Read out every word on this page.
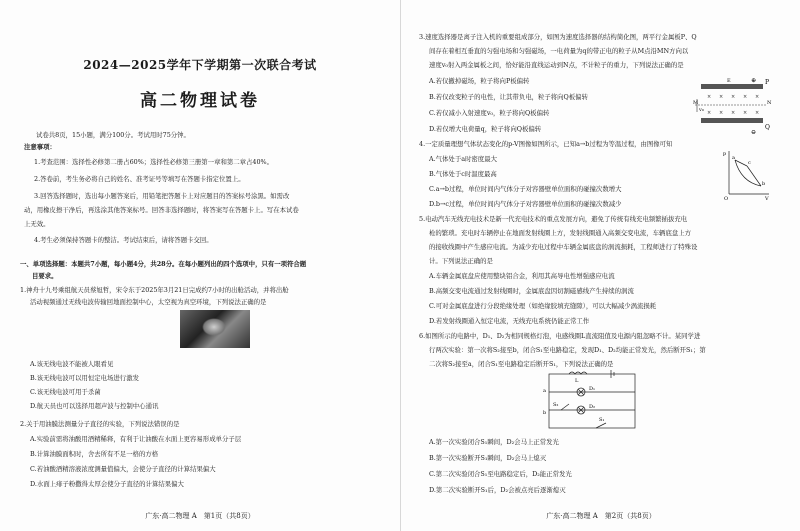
2024—2025学年下学期第一次联合考试
高二物理试卷
试卷共8页，15小题，满分100分。考试用时75分钟。
注意事项：
1.考查范围：选择性必修第二册占60%；选择性必修第三册第一章和第二章占40%。
2.答卷前，考生务必将自己的姓名、准考证号等填写在答题卡指定位置上。
3.回答选择题时，选出每小题答案后，用铅笔把答题卡上对应题目的答案标号涂黑。如需改
动，用橡皮擦干净后，再选涂其他答案标号。回答非选择题时，将答案写在答题卡上。写在本试卷
上无效。
4.考生必须保持答题卡的整洁。考试结束后，请将答题卡交回。
一、单项选择题：本题共7小题，每小题4分，共28分。在每小题列出的四个选项中，只有一项符合题
目要求。
1.神舟十九号乘组航天员蔡旭哲，宋令东于2025年3月21日完成约7小时的出舱活动，并将出舱
活动视频通过无线电波传输回地面控制中心，太空视为真空环境，下列说法正确的是
A.该无线电波不能被人眼看见
B.该无线电波可以用恒定电场进行激发
C.该无线电波可用于杀菌
D.航天员也可以选择用超声波与控制中心通讯
2.关于用油膜法测量分子直径的实验，下列说法错误的是
A.实验前需将油酸用酒精稀释，有利于让油酸在水面上更容易形成单分子层
B.计算油膜面积时，舍去所有不足一格的方格
C.若油酸酒精溶液浓度测量值偏大，会使分子直径的计算结果偏大
D.水面上痱子粉撒得太厚会使分子直径的计算结果偏大
广东·高二物理 A　第1页（共8页）
3.速度选择器是离子注入机的重要组成部分，如图为速度选择器的结构简化图，两平行金属板P、Q
间存在着相互垂直的匀强电场和匀强磁场，一电荷量为q的带正电的粒子从M点沿MN方向以
速度v₀射入两金属板之间，恰好能沿直线运动到N点，不计粒子的重力，下列说法正确的是
A.若仅撤掉磁场，粒子将向P板偏转
B.若仅改变粒子的电性，让其带负电，粒子将向Q板偏转
C.若仅减小入射速度v₀，粒子将向Q板偏转
D.若仅增大电荷量q，粒子将向Q板偏转
× × × × ×
× × × × ×
P
Q
M	N
v₀
E	⊕
⊖
4.一定质量理想气体状态变化的p-V图像如图所示，已知a→b过程为等温过程，由图像可知
A.气体处于a时密度最大
B.气体处于c时温度最高
C.a→b过程，单位时间内气体分子对容器壁单位面积的碰撞次数增大
D.b→c过程，单位时间内气体分子对容器壁单位面积的碰撞次数减少
p
V
O
a
b
c
5.电动汽车无线充电技术是新一代充电技术的重点发展方向，避免了传统有线充电频繁插拔充电
枪的繁琐。充电时车辆停止在地面发射线圈上方，发射线圈通入高频交变电流，车辆底盘上方
的接收线圈中产生感应电流。为减少充电过程中车辆金属底盘的涡流损耗，工程师进行了特殊设
计。下列说法正确的是
A.车辆金属底盘应使用整块铝合金，利用其高导电性增强感应电流
B.高频交变电流通过发射线圈时，金属底盘因切割磁感线产生持续的涡流
C.可对金属底盘进行分段绝缘处理（如绝缘胶填充缝隙），可以大幅减少涡流损耗
D.若发射线圈通入恒定电流，无线充电系统仍能正常工作
6.如图所示的电路中，D₁、D₂为相同规格灯泡，电感线圈L直流阻值及电源内阻忽略不计。某同学进
行两次实验：第一次将S₂接至b，闭合S₁至电路稳定，发现D₁、D₂均能正常发光，然后断开S₁；第
二次将S₂接至a，闭合S₁至电路稳定后断开S₁，下列说法正确的是
L
D₁
D₂
S₁
S₂
a
b
A.第一次实验闭合S₁瞬间，D₂会马上正常发光
B.第一次实验断开S₁瞬间，D₂会马上熄灭
C.第二次实验闭合S₁至电路稳定后，D₂能正常发光
D.第二次实验断开S₁后，D₂会被点亮后逐渐熄灭
广东·高二物理 A　第2页（共8页）
